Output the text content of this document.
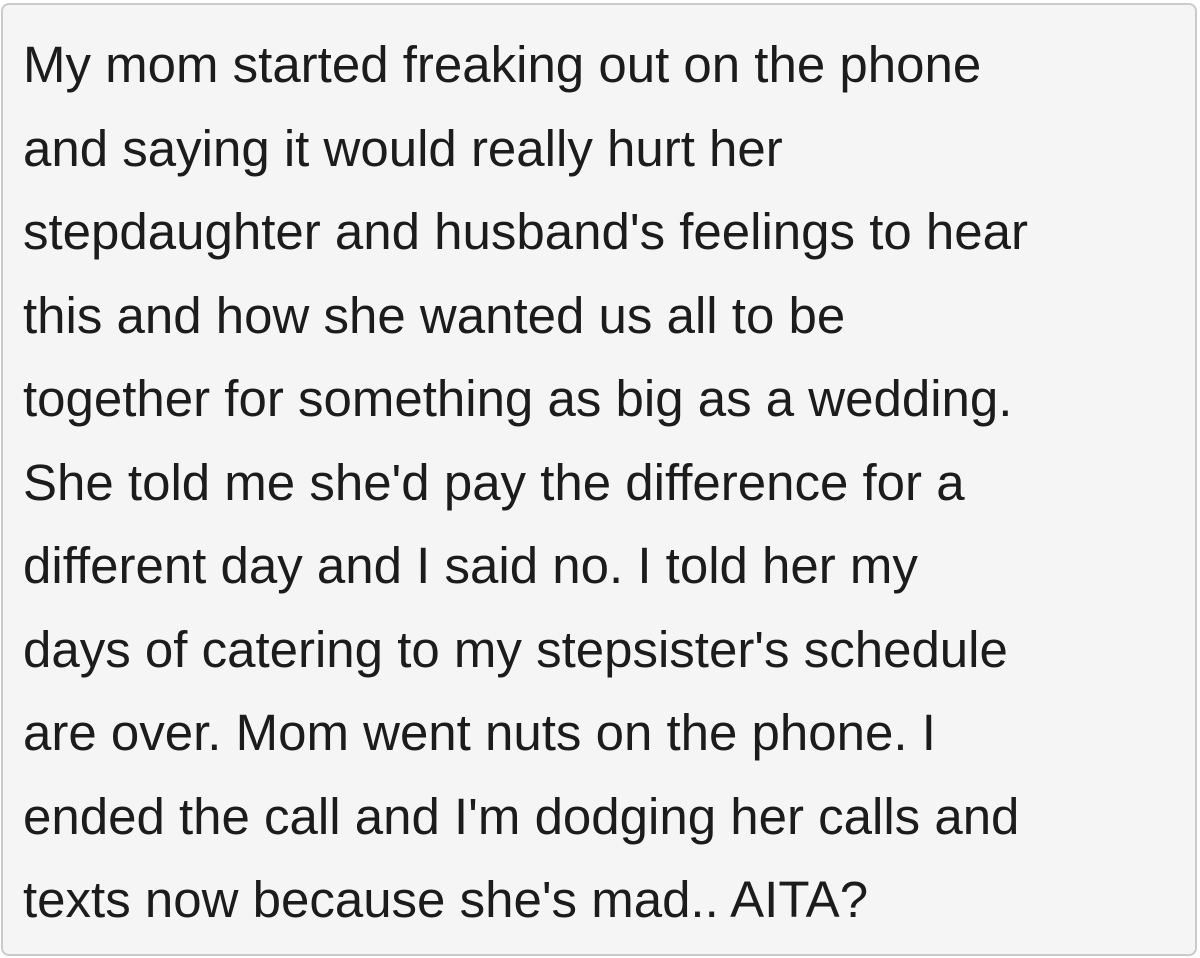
My mom started freaking out on the phone
and saying it would really hurt her
stepdaughter and husband's feelings to hear
this and how she wanted us all to be
together for something as big as a wedding.
She told me she'd pay the difference for a
different day and I said no. I told her my
days of catering to my stepsister's schedule
are over. Mom went nuts on the phone. I
ended the call and I'm dodging her calls and
texts now because she's mad.. AITA?
